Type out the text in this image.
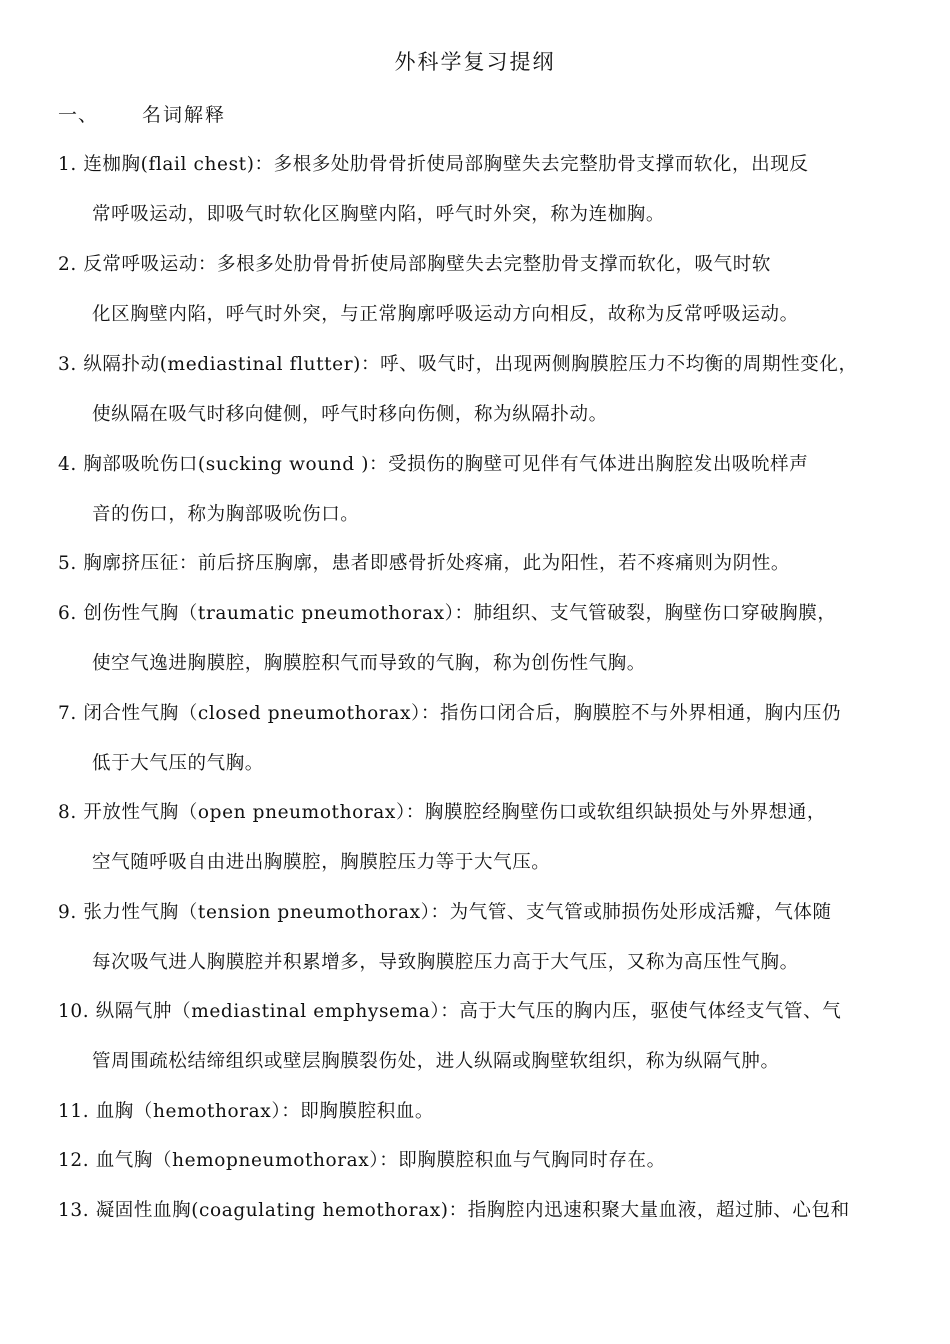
外科学复习提纲
一、 名词解释
1. 连枷胸(flail chest)：多根多处肋骨骨折使局部胸壁失去完整肋骨支撑而软化，出现反
常呼吸运动，即吸气时软化区胸壁内陷，呼气时外突，称为连枷胸。
2. 反常呼吸运动：多根多处肋骨骨折使局部胸壁失去完整肋骨支撑而软化，吸气时软
化区胸壁内陷，呼气时外突，与正常胸廓呼吸运动方向相反，故称为反常呼吸运动。
3. 纵隔扑动(mediastinal flutter)：呼、吸气时，出现两侧胸膜腔压力不均衡的周期性变化，
使纵隔在吸气时移向健侧，呼气时移向伤侧，称为纵隔扑动。
4. 胸部吸吮伤口(sucking wound )：受损伤的胸壁可见伴有气体进出胸腔发出吸吮样声
音的伤口，称为胸部吸吮伤口。
5. 胸廓挤压征：前后挤压胸廓，患者即感骨折处疼痛，此为阳性，若不疼痛则为阴性。
6. 创伤性气胸（traumatic pneumothorax）：肺组织、支气管破裂，胸壁伤口穿破胸膜，
使空气逸进胸膜腔，胸膜腔积气而导致的气胸，称为创伤性气胸。
7. 闭合性气胸（closed pneumothorax）：指伤口闭合后，胸膜腔不与外界相通，胸内压仍
低于大气压的气胸。
8. 开放性气胸（open pneumothorax）：胸膜腔经胸壁伤口或软组织缺损处与外界想通，
空气随呼吸自由进出胸膜腔，胸膜腔压力等于大气压。
9. 张力性气胸（tension pneumothorax）：为气管、支气管或肺损伤处形成活瓣，气体随
每次吸气进人胸膜腔并积累增多，导致胸膜腔压力高于大气压，又称为高压性气胸。
10. 纵隔气肿（mediastinal emphysema）：高于大气压的胸内压，驱使气体经支气管、气
管周围疏松结缔组织或壁层胸膜裂伤处，进人纵隔或胸壁软组织，称为纵隔气肿。
11. 血胸（hemothorax）：即胸膜腔积血。
12. 血气胸（hemopneumothorax）：即胸膜腔积血与气胸同时存在。
13. 凝固性血胸(coagulating hemothorax)：指胸腔内迅速积聚大量血液，超过肺、心包和
